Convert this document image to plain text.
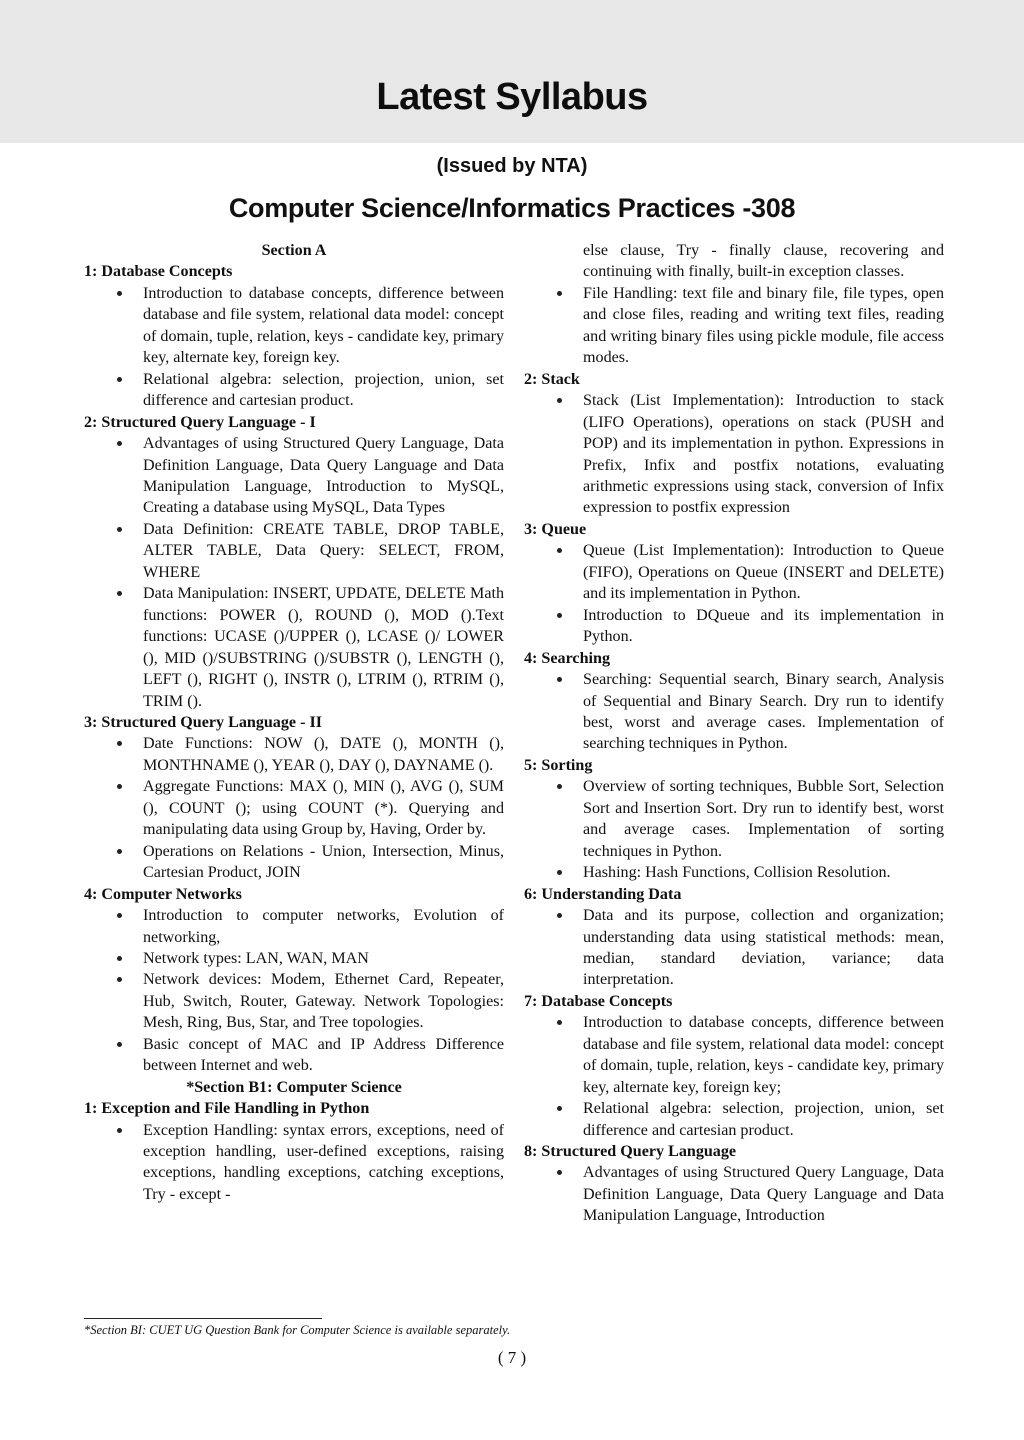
Latest Syllabus
(Issued by NTA)
Computer Science/Informatics Practices -308
Section A
1: Database Concepts
Introduction to database concepts, difference between database and file system, relational data model: concept of domain, tuple, relation, keys - candidate key, primary key, alternate key, foreign key.
Relational algebra: selection, projection, union, set difference and cartesian product.
2: Structured Query Language - I
Advantages of using Structured Query Language, Data Definition Language, Data Query Language and Data Manipulation Language, Introduction to MySQL, Creating a database using MySQL, Data Types
Data Definition: CREATE TABLE, DROP TABLE, ALTER TABLE, Data Query: SELECT, FROM, WHERE
Data Manipulation: INSERT, UPDATE, DELETE Math functions: POWER (), ROUND (), MOD ().Text functions: UCASE ()/UPPER (), LCASE ()/ LOWER (), MID ()/SUBSTRING ()/SUBSTR (), LENGTH (), LEFT (), RIGHT (), INSTR (), LTRIM (), RTRIM (), TRIM ().
3: Structured Query Language - II
Date Functions: NOW (), DATE (), MONTH (), MONTHNAME (), YEAR (), DAY (), DAYNAME ().
Aggregate Functions: MAX (), MIN (), AVG (), SUM (), COUNT (); using COUNT (*). Querying and manipulating data using Group by, Having, Order by.
Operations on Relations - Union, Intersection, Minus, Cartesian Product, JOIN
4: Computer Networks
Introduction to computer networks, Evolution of networking,
Network types: LAN, WAN, MAN
Network devices: Modem, Ethernet Card, Repeater, Hub, Switch, Router, Gateway. Network Topologies: Mesh, Ring, Bus, Star, and Tree topologies.
Basic concept of MAC and IP Address Difference between Internet and web.
*Section B1: Computer Science
1: Exception and File Handling in Python
Exception Handling: syntax errors, exceptions, need of exception handling, user-defined exceptions, raising exceptions, handling exceptions, catching exceptions, Try - except -
else clause, Try - finally clause, recovering and continuing with finally, built-in exception classes.
File Handling: text file and binary file, file types, open and close files, reading and writing text files, reading and writing binary files using pickle module, file access modes.
2: Stack
Stack (List Implementation): Introduction to stack (LIFO Operations), operations on stack (PUSH and POP) and its implementation in python. Expressions in Prefix, Infix and postfix notations, evaluating arithmetic expressions using stack, conversion of Infix expression to postfix expression
3: Queue
Queue (List Implementation): Introduction to Queue (FIFO), Operations on Queue (INSERT and DELETE) and its implementation in Python.
Introduction to DQueue and its implementation in Python.
4: Searching
Searching: Sequential search, Binary search, Analysis of Sequential and Binary Search. Dry run to identify best, worst and average cases. Implementation of searching techniques in Python.
5: Sorting
Overview of sorting techniques, Bubble Sort, Selection Sort and Insertion Sort. Dry run to identify best, worst and average cases. Implementation of sorting techniques in Python.
Hashing: Hash Functions, Collision Resolution.
6: Understanding Data
Data and its purpose, collection and organization; understanding data using statistical methods: mean, median, standard deviation, variance; data interpretation.
7: Database Concepts
Introduction to database concepts, difference between database and file system, relational data model: concept of domain, tuple, relation, keys - candidate key, primary key, alternate key, foreign key;
Relational algebra: selection, projection, union, set difference and cartesian product.
8: Structured Query Language
Advantages of using Structured Query Language, Data Definition Language, Data Query Language and Data Manipulation Language, Introduction
*Section BI: CUET UG Question Bank for Computer Science is available separately.
( 7 )
